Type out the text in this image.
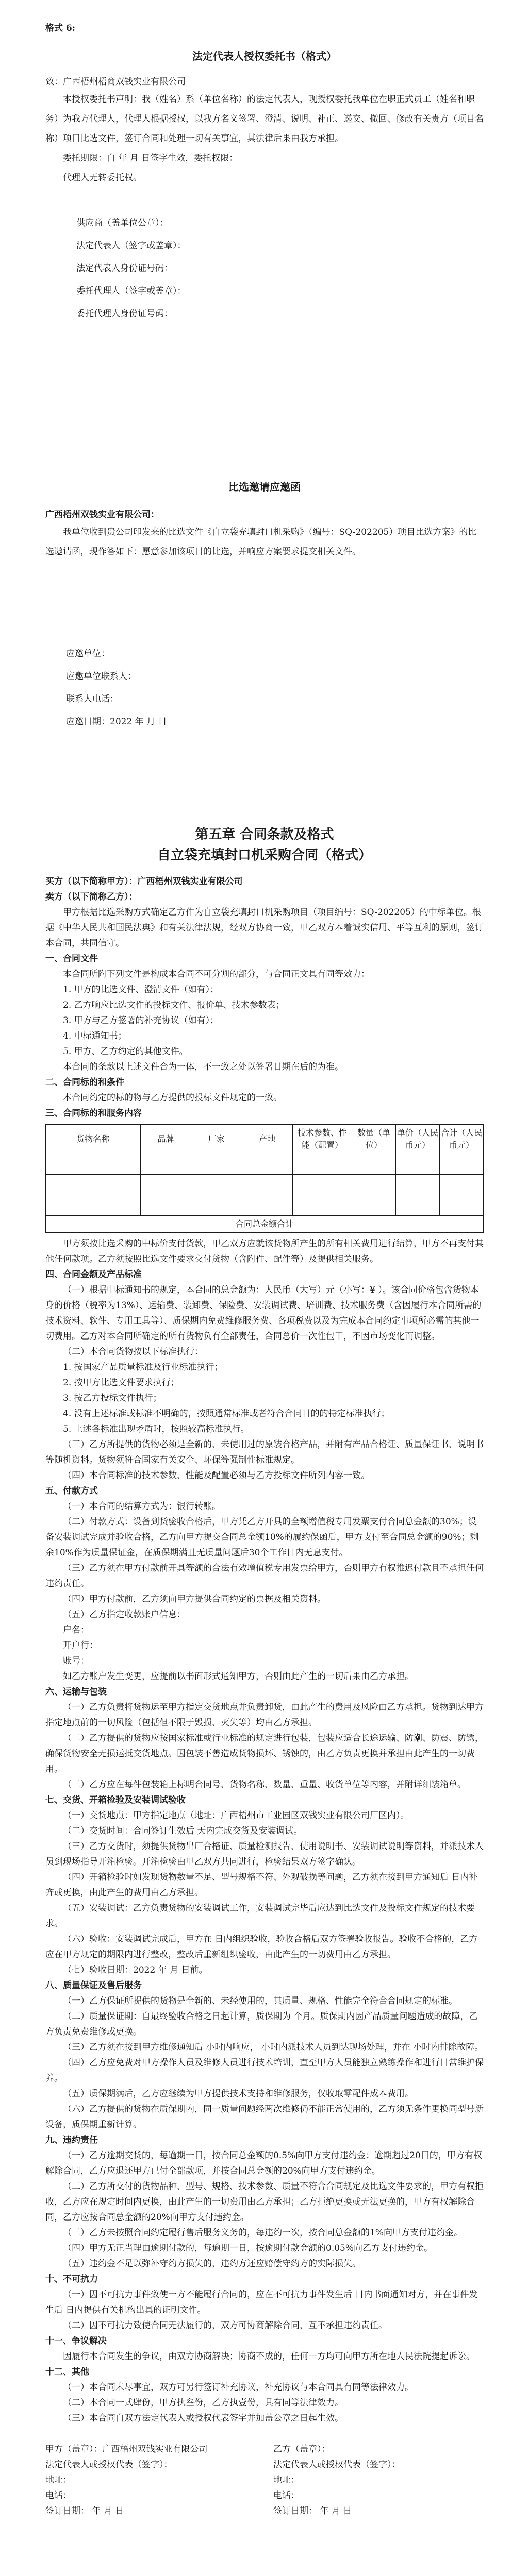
格式 6:

法定代表人授权委托书（格式）

致：广西梧州梧商双钱实业有限公司

本授权委托书声明：我（姓名）系（单位名称）的法定代表人，现授权委托我单位在职正式员工（姓名和职务）为我方代理人，代理人根据授权，以我方名义签署、澄清、说明、补正、递交、撤回、修改有关贵方（项目名称）项目比选文件，签订合同和处理一切有关事宜，其法律后果由我方承担。

委托期限：自 年 月 日签字生效，委托权限：

代理人无转委托权。

供应商（盖单位公章）：

法定代表人（签字或盖章）：

法定代表人身份证号码：

委托代理人（签字或盖章）：

委托代理人身份证号码：

比选邀请应邀函

广西梧州双钱实业有限公司：

我单位收到贵公司印发来的比选文件《自立袋充填封口机采购》（编号：SQ-202205）项目比选方案》的比选邀请函，现作答如下：愿意参加该项目的比选，并响应方案要求提交相关文件。

应邀单位：

应邀单位联系人：

联系人电话：

应邀日期：2022 年 月 日

第五章 合同条款及格式

自立袋充填封口机采购合同（格式）

买方（以下简称甲方）：广西梧州双钱实业有限公司

卖方（以下简称乙方）：

甲方根据比选采购方式确定乙方作为自立袋充填封口机采购项目（项目编号：SQ-202205）的中标单位。根据《中华人民共和国民法典》和有关法律法规，经双方协商一致，甲乙双方本着诚实信用、平等互利的原则，签订本合同，共同信守。

一、合同文件

本合同所附下列文件是构成本合同不可分割的部分，与合同正文具有同等效力：

1. 甲方的比选文件、澄清文件（如有）；

2. 乙方响应比选文件的投标文件、报价单、技术参数表；

3. 甲方与乙方签署的补充协议（如有）；

4. 中标通知书；

5. 甲方、乙方约定的其他文件。

本合同的条款以上述文件合为一体，不一致之处以签署日期在后的为准。

二、合同标的和条件

本合同约定的标的物与乙方提供的投标文件规定的一致。

三、合同标的和服务内容

货物名称	品牌	厂家	产地	技术参数、性能（配置）	数量（单位）	单价（人民币元）	合计（人民币元）

合同总金额合计							

甲方须按比选采购的中标价支付货款，甲乙双方应就该货物所产生的所有相关费用进行结算，甲方不再支付其他任何款项。乙方须按照比选文件要求交付货物（含附件、配件等）及提供相关服务。

四、合同金额及产品标准

（一）根据中标通知书的规定，本合同的总金额为：人民币（大写）元（小写：¥ ）。该合同价格包含货物本身的价格（税率为13%）、运输费、装卸费、保险费、安装调试费、培训费、技术服务费（含因履行本合同所需的技术资料、软件、专用工具等）、质保期内免费维修服务费、各项税费以及为完成本合同约定事项所必需的其他一切费用。乙方对本合同所确定的所有货物负有全部责任，合同总价一次性包干，不因市场变化而调整。

（二）本合同货物按以下标准执行：

1. 按国家产品质量标准及行业标准执行；

2. 按甲方比选文件要求执行；

3. 按乙方投标文件执行；

4. 没有上述标准或标准不明确的，按照通常标准或者符合合同目的的特定标准执行；

5. 上述各标准出现矛盾时，按照较高标准执行。

（三）乙方所提供的货物必须是全新的、未使用过的原装合格产品，并附有产品合格证、质量保证书、说明书等随机资料。货物须符合国家有关安全、环保等强制性标准规定。

（四）本合同标准的技术参数、性能及配置必须与乙方投标文件所列内容一致。

五、付款方式

（一）本合同的结算方式为：银行转账。

（二）付款方式：设备到货验收合格后，甲方凭乙方开具的全额增值税专用发票支付合同总金额的30%；设备安装调试完成并验收合格，乙方向甲方提交合同总金额10%的履约保函后，甲方支付至合同总金额的90%；剩余10%作为质量保证金，在质保期满且无质量问题后30个工作日内无息支付。

（三）乙方须在甲方付款前开具等额的合法有效增值税专用发票给甲方，否则甲方有权推迟付款且不承担任何违约责任。

（四）甲方付款前，乙方须向甲方提供合同约定的票据及相关资料。

（五）乙方指定收款账户信息：

户名：

开户行：

账号：

如乙方账户发生变更，应提前以书面形式通知甲方，否则由此产生的一切后果由乙方承担。

六、运输与包装

（一）乙方负责将货物运至甲方指定交货地点并负责卸货，由此产生的费用及风险由乙方承担。货物到达甲方指定地点前的一切风险（包括但不限于毁损、灭失等）均由乙方承担。

（二）乙方提供的货物应按国家标准或行业标准的规定进行包装，包装应适合长途运输、防潮、防震、防锈，确保货物安全无损运抵交货地点。因包装不善造成货物损坏、锈蚀的，由乙方负责更换并承担由此产生的一切费用。

（三）乙方应在每件包装箱上标明合同号、货物名称、数量、重量、收货单位等内容，并附详细装箱单。

七、交货、开箱检验及安装调试验收

（一）交货地点：甲方指定地点（地址：广西梧州市工业园区双钱实业有限公司厂区内）。

（二）交货时间：合同签订生效后 天内完成交货及安装调试。

（三）乙方交货时，须提供货物出厂合格证、质量检测报告、使用说明书、安装调试说明等资料，并派技术人员到现场指导开箱检验。开箱检验由甲乙双方共同进行，检验结果双方签字确认。

（四）开箱检验时如发现货物数量不足、型号规格不符、外观破损等问题，乙方须在接到甲方通知后 日内补齐或更换，由此产生的费用由乙方承担。

（五）安装调试：乙方负责货物的安装调试工作，安装调试完毕后应达到比选文件及投标文件规定的技术要求。

（六）验收：安装调试完成后，甲方在 日内组织验收，验收合格后双方签署验收报告。验收不合格的，乙方应在甲方规定的期限内进行整改，整改后重新组织验收，由此产生的一切费用由乙方承担。

（七）验收日期：2022 年 月 日前。

八、质量保证及售后服务

（一）乙方保证所提供的货物是全新的、未经使用的，其质量、规格、性能完全符合合同规定的标准。

（二）质量保证期：自最终验收合格之日起计算，质保期为 个月。质保期内因产品质量问题造成的故障，乙方负责免费维修或更换。

（三）乙方须在接到甲方维修通知后 小时内响应， 小时内派技术人员到达现场处理，并在 小时内排除故障。

（四）乙方应免费对甲方操作人员及维修人员进行技术培训，直至甲方人员能独立熟练操作和进行日常维护保养。

（五）质保期满后，乙方应继续为甲方提供技术支持和维修服务，仅收取零配件成本费用。

（六）乙方提供的货物在质保期内，同一质量问题经两次维修仍不能正常使用的，乙方须无条件更换同型号新设备，质保期重新计算。

九、违约责任

（一）乙方逾期交货的，每逾期一日，按合同总金额的0.5%向甲方支付违约金；逾期超过20日的，甲方有权解除合同，乙方应退还甲方已付全部款项，并按合同总金额的20%向甲方支付违约金。

（二）乙方所交付的货物品种、型号、规格、技术参数、质量不符合合同规定及比选文件要求的，甲方有权拒收，乙方应在规定时间内更换，由此产生的一切费用由乙方承担；乙方拒绝更换或无法更换的，甲方有权解除合同，乙方应按合同总金额的20%向甲方支付违约金。

（三）乙方未按照合同约定履行售后服务义务的，每违约一次，按合同总金额的1%向甲方支付违约金。

（四）甲方无正当理由逾期付款的，每逾期一日，按逾期付款金额的0.05%向乙方支付违约金。

（五）违约金不足以弥补守约方损失的，违约方还应赔偿守约方的实际损失。

十、不可抗力

（一）因不可抗力事件致使一方不能履行合同的，应在不可抗力事件发生后 日内书面通知对方，并在事件发生后 日内提供有关机构出具的证明文件。

（二）因不可抗力致使合同无法履行的，双方可协商解除合同，互不承担违约责任。

十一、争议解决

因履行本合同发生的争议，由双方协商解决；协商不成的，任何一方均可向甲方所在地人民法院提起诉讼。

十二、其他

（一）本合同未尽事宜，双方可另行签订补充协议，补充协议与本合同具有同等法律效力。

（二）本合同一式肆份，甲方执叁份，乙方执壹份，具有同等法律效力。

（三）本合同自双方法定代表人或授权代表签字并加盖公章之日起生效。

甲方（盖章）：广西梧州双钱实业有限公司

法定代表人或授权代表（签字）：

地址：

电话：

签订日期： 年 月 日

乙方（盖章）：

法定代表人或授权代表（签字）：

地址：

电话：

签订日期： 年 月 日
